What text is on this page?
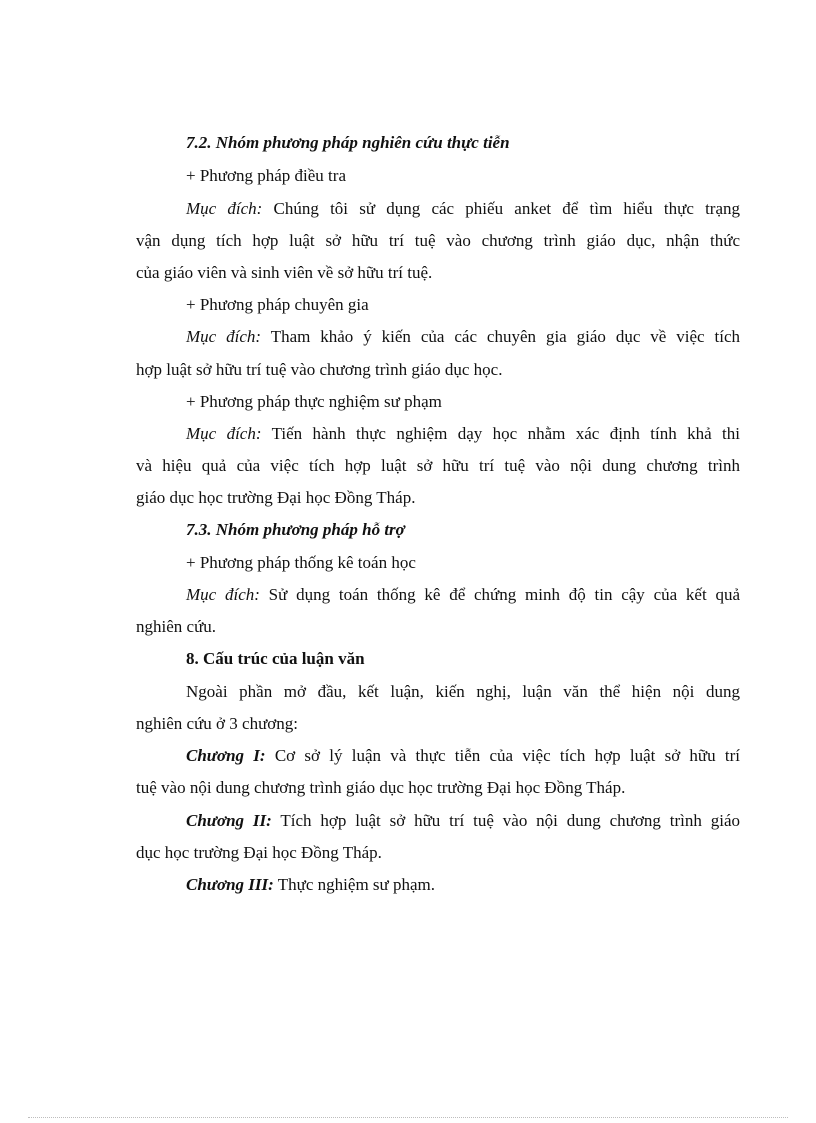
7.2. Nhóm phương pháp nghiên cứu thực tiễn
+ Phương pháp điều tra
Mục đích: Chúng tôi sử dụng các phiếu anket để tìm hiểu thực trạng
vận dụng tích hợp luật sở hữu trí tuệ vào chương trình giáo dục, nhận thức
của giáo viên và sinh viên về sở hữu trí tuệ.
+ Phương pháp chuyên gia
Mục đích: Tham khảo ý kiến của các chuyên gia giáo dục về việc tích
hợp luật sở hữu trí tuệ vào chương trình giáo dục học.
+ Phương pháp thực nghiệm sư phạm
Mục đích: Tiến hành thực nghiệm dạy học nhằm xác định tính khả thi
và hiệu quả của việc tích hợp luật sở hữu trí tuệ vào nội dung chương trình
giáo dục học trường Đại học Đồng Tháp.
7.3. Nhóm phương pháp hỗ trợ
+ Phương pháp thống kê toán học
Mục đích: Sử dụng toán thống kê để chứng minh độ tin cậy của kết quả
nghiên cứu.
8. Cấu trúc của luận văn
Ngoài phần mở đầu, kết luận, kiến nghị, luận văn thể hiện nội dung
nghiên cứu ở 3 chương:
Chương I: Cơ sở lý luận và thực tiễn của việc tích hợp luật sở hữu trí
tuệ vào nội dung chương trình giáo dục học trường Đại học Đồng Tháp.
Chương II: Tích hợp luật sở hữu trí tuệ vào nội dung chương trình giáo
dục học trường Đại học Đồng Tháp.
Chương III: Thực nghiệm sư phạm.
